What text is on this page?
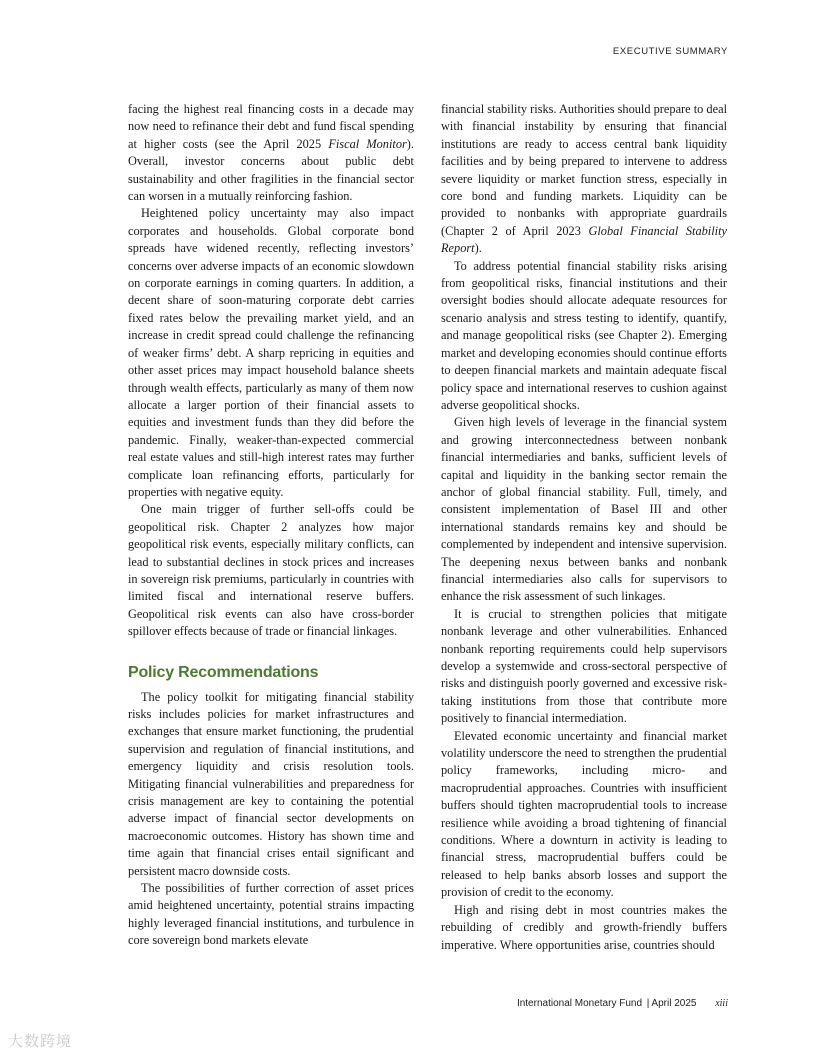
EXECUTIVE SUMMARY

facing the highest real financing costs in a decade may now need to refinance their debt and fund fiscal spending at higher costs (see the April 2025 Fiscal Monitor). Overall, investor concerns about public debt sustainability and other fragilities in the financial sector can worsen in a mutually reinforcing fashion.

Heightened policy uncertainty may also impact corporates and households. Global corporate bond spreads have widened recently, reflecting investors’ concerns over adverse impacts of an economic slowdown on corporate earnings in coming quarters. In addition, a decent share of soon-maturing corporate debt carries fixed rates below the prevailing market yield, and an increase in credit spread could challenge the refinancing of weaker firms’ debt. A sharp repricing in equities and other asset prices may impact household balance sheets through wealth effects, particularly as many of them now allocate a larger portion of their financial assets to equities and investment funds than they did before the pandemic. Finally, weaker-than-expected commercial real estate values and still-high interest rates may further complicate loan refinancing efforts, particularly for properties with negative equity.

One main trigger of further sell-offs could be geopolitical risk. Chapter 2 analyzes how major geopolitical risk events, especially military conflicts, can lead to substantial declines in stock prices and increases in sovereign risk premiums, particularly in countries with limited fiscal and international reserve buffers. Geopolitical risk events can also have cross-border spillover effects because of trade or financial linkages.

Policy Recommendations

The policy toolkit for mitigating financial stability risks includes policies for market infrastructures and exchanges that ensure market functioning, the prudential supervision and regulation of financial institutions, and emergency liquidity and crisis resolution tools. Mitigating financial vulnerabilities and preparedness for crisis management are key to containing the potential adverse impact of financial sector developments on macroeconomic outcomes. History has shown time and time again that financial crises entail significant and persistent macro downside costs.

The possibilities of further correction of asset prices amid heightened uncertainty, potential strains impacting highly leveraged financial institutions, and turbulence in core sovereign bond markets elevate

financial stability risks. Authorities should prepare to deal with financial instability by ensuring that financial institutions are ready to access central bank liquidity facilities and by being prepared to intervene to address severe liquidity or market function stress, especially in core bond and funding markets. Liquidity can be provided to nonbanks with appropriate guardrails (Chapter 2 of April 2023 Global Financial Stability Report).

To address potential financial stability risks arising from geopolitical risks, financial institutions and their oversight bodies should allocate adequate resources for scenario analysis and stress testing to identify, quantify, and manage geopolitical risks (see Chapter 2). Emerging market and developing economies should continue efforts to deepen financial markets and maintain adequate fiscal policy space and international reserves to cushion against adverse geopolitical shocks.

Given high levels of leverage in the financial system and growing interconnectedness between nonbank financial intermediaries and banks, sufficient levels of capital and liquidity in the banking sector remain the anchor of global financial stability. Full, timely, and consistent implementation of Basel III and other international standards remains key and should be complemented by independent and intensive supervision. The deepening nexus between banks and nonbank financial intermediaries also calls for supervisors to enhance the risk assessment of such linkages.

It is crucial to strengthen policies that mitigate nonbank leverage and other vulnerabilities. Enhanced nonbank reporting requirements could help supervisors develop a systemwide and cross-sectoral perspective of risks and distinguish poorly governed and excessive risk-taking institutions from those that contribute more positively to financial intermediation.

Elevated economic uncertainty and financial market volatility underscore the need to strengthen the prudential policy frameworks, including micro- and macroprudential approaches. Countries with insufficient buffers should tighten macroprudential tools to increase resilience while avoiding a broad tightening of financial conditions. Where a downturn in activity is leading to financial stress, macroprudential buffers could be released to help banks absorb losses and support the provision of credit to the economy.

High and rising debt in most countries makes the rebuilding of credibly and growth-friendly buffers imperative. Where opportunities arise, countries should

International Monetary Fund | April 2025 xiii
大数跨境
